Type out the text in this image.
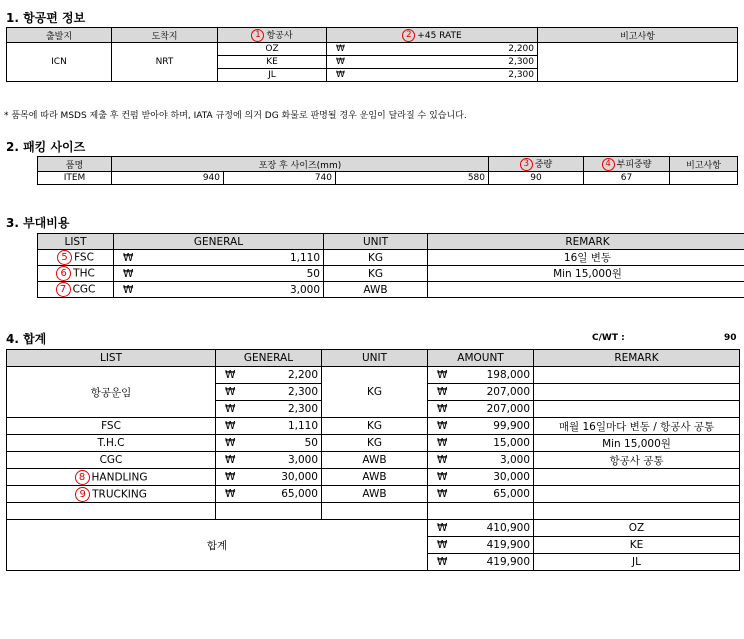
1. 항공편 정보
출발지	도착지	1 항공사	2 +45 RATE	비고사항
ICN	NRT	OZ	₩ 2,200	

		KE	₩ 2,300	

		JL	₩ 2,300	
* 품목에 따라 MSDS 제출 후 컨펌 받아야 하며, IATA 규정에 의거 DG 화물로 판명될 경우 운임이 달라질 수 있습니다.
2. 패킹 사이즈
품명	포장 후 사이즈(mm)			3 중량	4 부피중량	비고사항
ITEM	940	740	580	90	67	
3. 부대비용
LIST	GENERAL	UNIT	REMARK
5 FSC	₩ 1,110	KG	16일 변동
6 THC	₩ 50	KG	Min 15,000원
7 CGC	₩ 3,000	AWB	
4. 합계	C/WT :	90
LIST	GENERAL	UNIT	AMOUNT	REMARK
항공운임	₩ 2,200	KG	₩ 198,000	

	₩ 2,300		₩ 207,000	

	₩ 2,300		₩ 207,000	

FSC	₩ 1,110	KG	₩ 99,900	매월 16일마다 변동 / 항공사 공통
T.H.C	₩ 50	KG	₩ 15,000	Min 15,000원
CGC	₩ 3,000	AWB	₩ 3,000	항공사 공통
8 HANDLING	₩ 30,000	AWB	₩ 30,000	

9 TRUCKING	₩ 65,000	AWB	₩ 65,000	

합계			₩ 410,900	OZ

			₩ 419,900	KE

			₩ 419,900	JL
